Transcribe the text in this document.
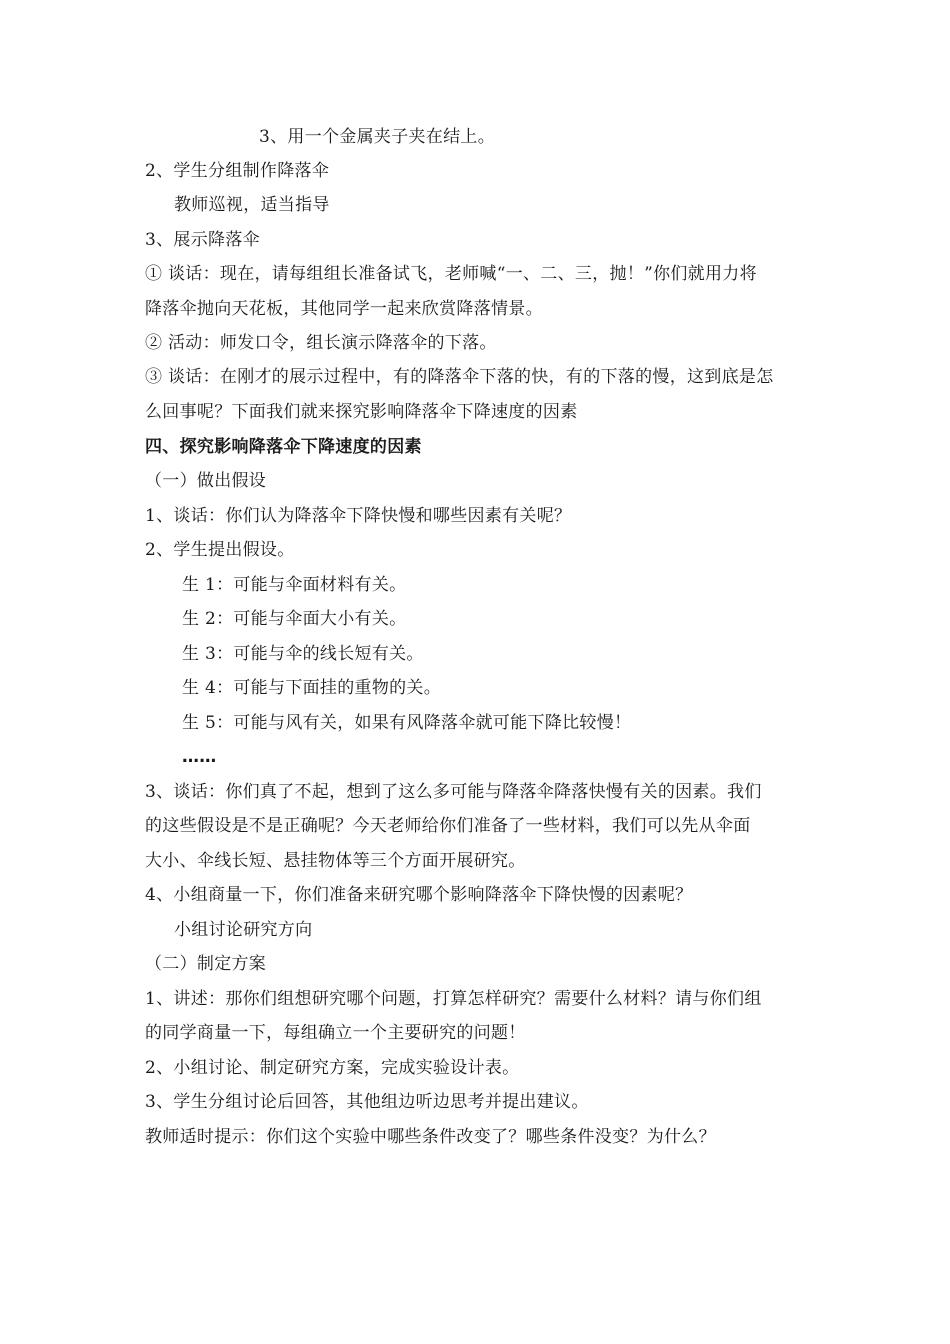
3、用一个金属夹子夹在结上。
2、学生分组制作降落伞
教师巡视，适当指导
3、展示降落伞
① 谈话：现在，请每组组长准备试飞，老师喊“一、二、三，抛！”你们就用力将
降落伞抛向天花板，其他同学一起来欣赏降落情景。
② 活动：师发口令，组长演示降落伞的下落。
③ 谈话：在刚才的展示过程中，有的降落伞下落的快，有的下落的慢，这到底是怎
么回事呢？下面我们就来探究影响降落伞下降速度的因素
四、探究影响降落伞下降速度的因素
（一）做出假设
1、谈话：你们认为降落伞下降快慢和哪些因素有关呢？
2、学生提出假设。
生 1：可能与伞面材料有关。
生 2：可能与伞面大小有关。
生 3：可能与伞的线长短有关。
生 4：可能与下面挂的重物的关。
生 5：可能与风有关，如果有风降落伞就可能下降比较慢！
……
3、谈话：你们真了不起，想到了这么多可能与降落伞降落快慢有关的因素。我们
的这些假设是不是正确呢？今天老师给你们准备了一些材料，我们可以先从伞面
大小、伞线长短、悬挂物体等三个方面开展研究。
4、小组商量一下，你们准备来研究哪个影响降落伞下降快慢的因素呢？
小组讨论研究方向
（二）制定方案
1、讲述：那你们组想研究哪个问题，打算怎样研究？需要什么材料？请与你们组
的同学商量一下，每组确立一个主要研究的问题！
2、小组讨论、制定研究方案，完成实验设计表。
3、学生分组讨论后回答，其他组边听边思考并提出建议。
教师适时提示：你们这个实验中哪些条件改变了？哪些条件没变？为什么？
